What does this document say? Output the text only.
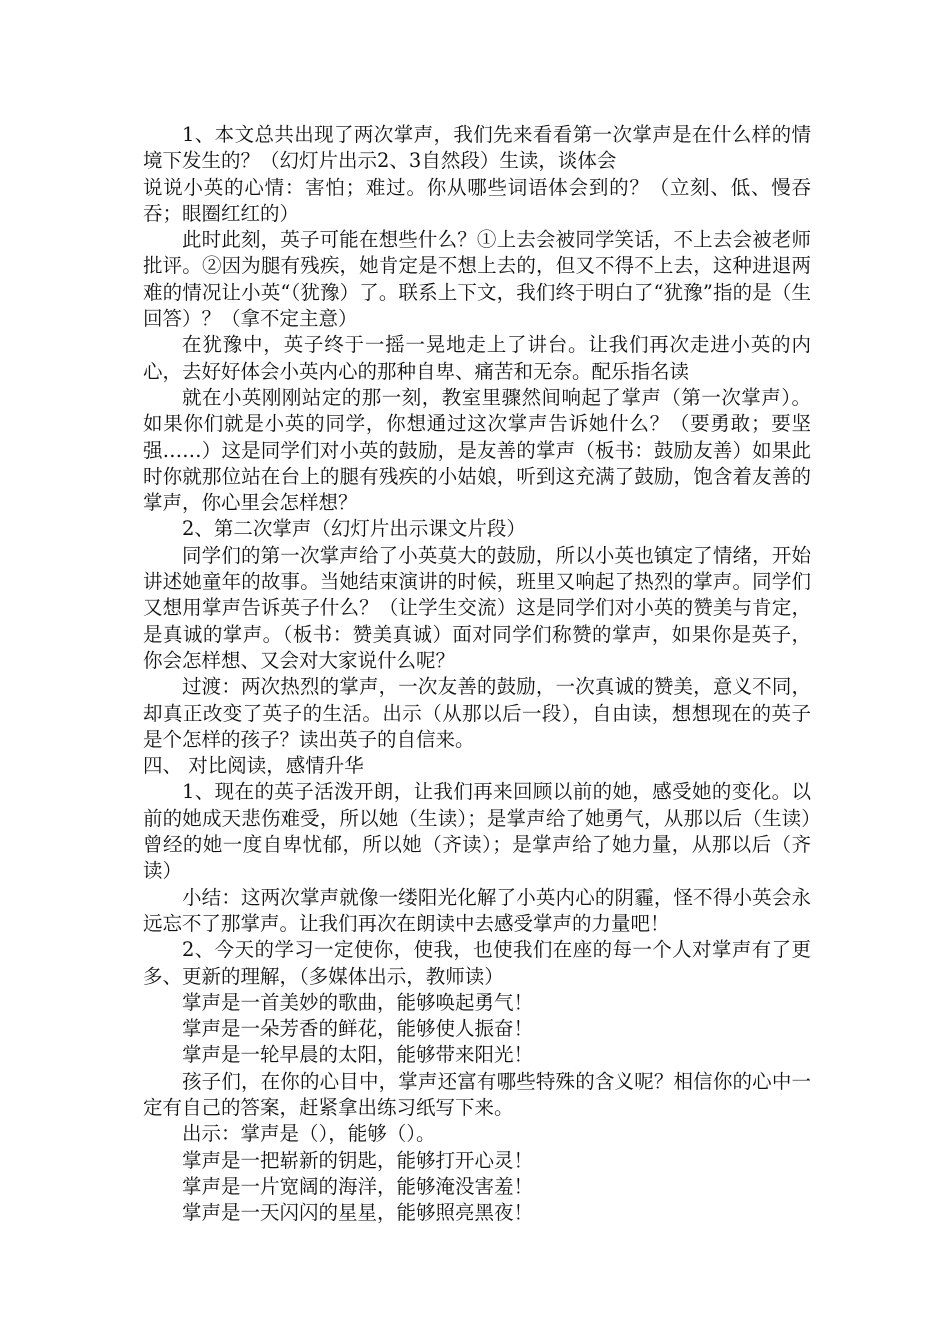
1、本文总共出现了两次掌声，我们先来看看第一次掌声是在什么样的情境下发生的？（幻灯片出示2、3自然段）生读，谈体会

说说小英的心情：害怕；难过。你从哪些词语体会到的？（立刻、低、慢吞吞；眼圈红红的）

此时此刻，英子可能在想些什么？①上去会被同学笑话，不上去会被老师批评。②因为腿有残疾，她肯定是不想上去的，但又不得不上去，这种进退两难的情况让小英“（犹豫）了。联系上下文，我们终于明白了“犹豫”指的是（生回答）？（拿不定主意）

在犹豫中，英子终于一摇一晃地走上了讲台。让我们再次走进小英的内心，去好好体会小英内心的那种自卑、痛苦和无奈。配乐指名读

就在小英刚刚站定的那一刻，教室里骤然间响起了掌声（第一次掌声）。如果你们就是小英的同学，你想通过这次掌声告诉她什么？（要勇敢；要坚强……）这是同学们对小英的鼓励，是友善的掌声（板书：鼓励友善）如果此时你就那位站在台上的腿有残疾的小姑娘，听到这充满了鼓励，饱含着友善的掌声，你心里会怎样想？

2、第二次掌声（幻灯片出示课文片段）

同学们的第一次掌声给了小英莫大的鼓励，所以小英也镇定了情绪，开始讲述她童年的故事。当她结束演讲的时候，班里又响起了热烈的掌声。同学们又想用掌声告诉英子什么？（让学生交流）这是同学们对小英的赞美与肯定，是真诚的掌声。（板书：赞美真诚）面对同学们称赞的掌声，如果你是英子，你会怎样想、又会对大家说什么呢？

过渡：两次热烈的掌声，一次友善的鼓励，一次真诚的赞美，意义不同，却真正改变了英子的生活。出示（从那以后一段），自由读，想想现在的英子是个怎样的孩子？读出英子的自信来。

四、 对比阅读，感情升华

1、现在的英子活泼开朗，让我们再来回顾以前的她，感受她的变化。以前的她成天悲伤难受，所以她（生读）；是掌声给了她勇气，从那以后（生读）曾经的她一度自卑忧郁，所以她（齐读）；是掌声给了她力量，从那以后（齐读）

小结：这两次掌声就像一缕阳光化解了小英内心的阴霾，怪不得小英会永远忘不了那掌声。让我们再次在朗读中去感受掌声的力量吧！

2、今天的学习一定使你，使我，也使我们在座的每一个人对掌声有了更多、更新的理解，（多媒体出示，教师读）

掌声是一首美妙的歌曲，能够唤起勇气！

掌声是一朵芳香的鲜花，能够使人振奋！

掌声是一轮早晨的太阳，能够带来阳光！

孩子们，在你的心目中，掌声还富有哪些特殊的含义呢？相信你的心中一定有自己的答案，赶紧拿出练习纸写下来。

出示：掌声是（），能够（）。

掌声是一把崭新的钥匙，能够打开心灵！

掌声是一片宽阔的海洋，能够淹没害羞！

掌声是一天闪闪的星星，能够照亮黑夜！
